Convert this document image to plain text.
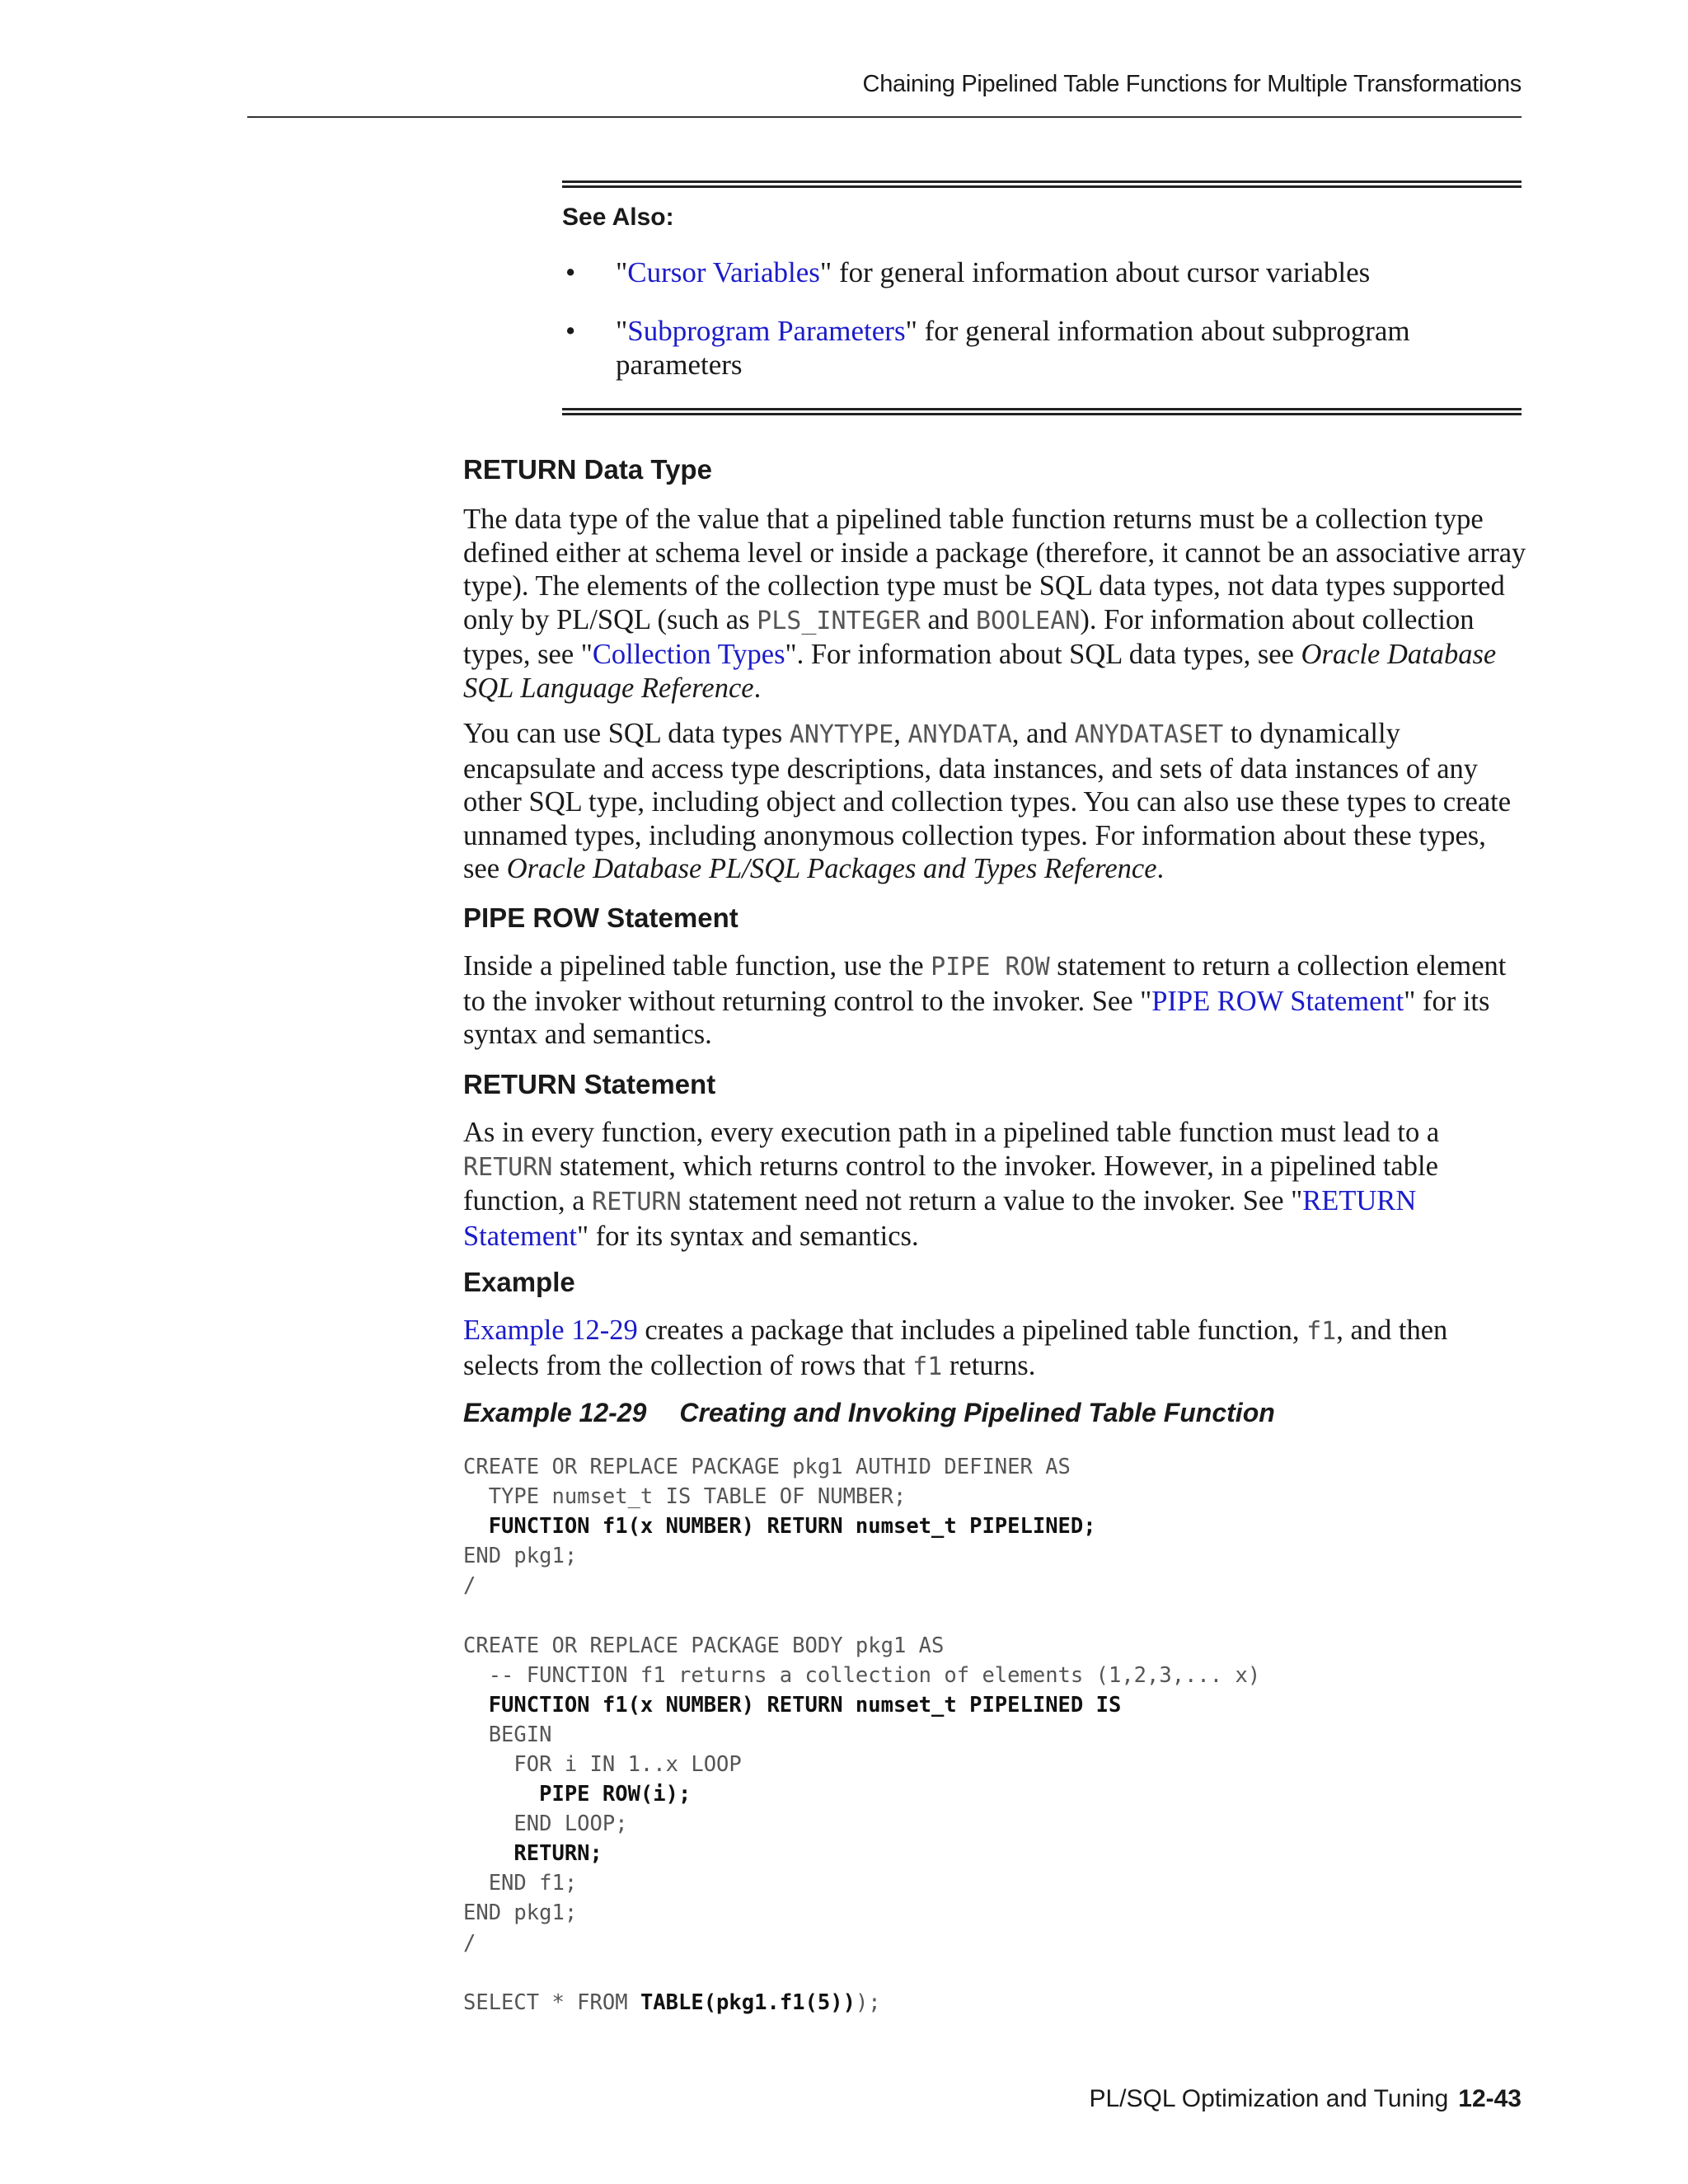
Chaining Pipelined Table Functions for Multiple Transformations
See Also:
• "Cursor Variables" for general information about cursor variables
• "Subprogram Parameters" for general information about subprogram parameters
RETURN Data Type

The data type of the value that a pipelined table function returns must be a collection type defined either at schema level or inside a package (therefore, it cannot be an associative array type). The elements of the collection type must be SQL data types, not data types supported only by PL/SQL (such as PLS_INTEGER and BOOLEAN). For information about collection types, see "Collection Types". For information about SQL data types, see Oracle Database SQL Language Reference.

You can use SQL data types ANYTYPE, ANYDATA, and ANYDATASET to dynamically encapsulate and access type descriptions, data instances, and sets of data instances of any other SQL type, including object and collection types. You can also use these types to create unnamed types, including anonymous collection types. For information about these types, see Oracle Database PL/SQL Packages and Types Reference.

PIPE ROW Statement

Inside a pipelined table function, use the PIPE ROW statement to return a collection element to the invoker without returning control to the invoker. See "PIPE ROW Statement" for its syntax and semantics.

RETURN Statement

As in every function, every execution path in a pipelined table function must lead to a RETURN statement, which returns control to the invoker. However, in a pipelined table function, a RETURN statement need not return a value to the invoker. See "RETURN Statement" for its syntax and semantics.

Example

Example 12-29 creates a package that includes a pipelined table function, f1, and then selects from the collection of rows that f1 returns.

Example 12-29 Creating and Invoking Pipelined Table Function
CREATE OR REPLACE PACKAGE pkg1 AUTHID DEFINER AS
TYPE numset_t IS TABLE OF NUMBER;
FUNCTION f1(x NUMBER) RETURN numset_t PIPELINED;
END pkg1;
/

CREATE OR REPLACE PACKAGE BODY pkg1 AS
-- FUNCTION f1 returns a collection of elements (1,2,3,... x)
FUNCTION f1(x NUMBER) RETURN numset_t PIPELINED IS
BEGIN
FOR i IN 1..x LOOP
PIPE ROW(i);
END LOOP;
RETURN;
END f1;
END pkg1;
/

SELECT * FROM TABLE(pkg1.f1(5)));
PL/SQL Optimization and Tuning 12-43
